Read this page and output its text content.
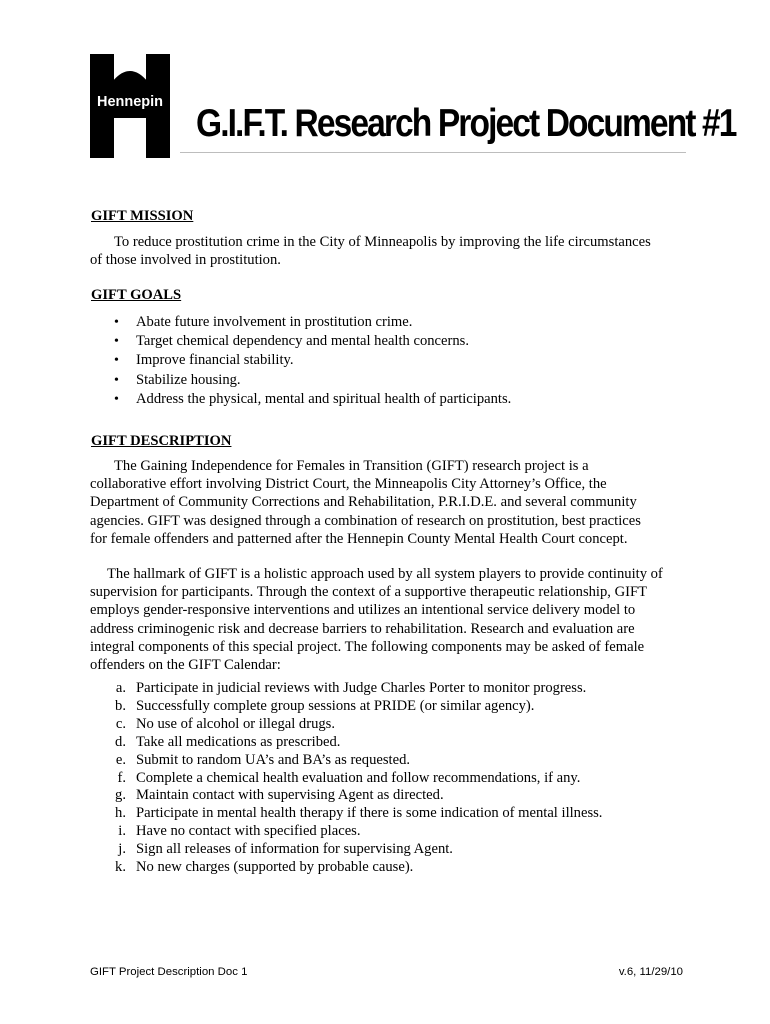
Hennepin G.I.F.T. Research Project Document #1
GIFT MISSION
To reduce prostitution crime in the City of Minneapolis by improving the life circumstances
of those involved in prostitution.
GIFT GOALS
• Abate future involvement in prostitution crime.
• Target chemical dependency and mental health concerns.
• Improve financial stability.
• Stabilize housing.
• Address the physical, mental and spiritual health of participants.
GIFT DESCRIPTION
The Gaining Independence for Females in Transition (GIFT) research project is a
collaborative effort involving District Court, the Minneapolis City Attorney’s Office, the
Department of Community Corrections and Rehabilitation, P.R.I.D.E. and several community
agencies. GIFT was designed through a combination of research on prostitution, best practices
for female offenders and patterned after the Hennepin County Mental Health Court concept.
The hallmark of GIFT is a holistic approach used by all system players to provide continuity of
supervision for participants. Through the context of a supportive therapeutic relationship, GIFT
employs gender-responsive interventions and utilizes an intentional service delivery model to
address criminogenic risk and decrease barriers to rehabilitation. Research and evaluation are
integral components of this special project. The following components may be asked of female
offenders on the GIFT Calendar:
a. Participate in judicial reviews with Judge Charles Porter to monitor progress.
b. Successfully complete group sessions at PRIDE (or similar agency).
c. No use of alcohol or illegal drugs.
d. Take all medications as prescribed.
e. Submit to random UA’s and BA’s as requested.
f. Complete a chemical health evaluation and follow recommendations, if any.
g. Maintain contact with supervising Agent as directed.
h. Participate in mental health therapy if there is some indication of mental illness.
i. Have no contact with specified places.
j. Sign all releases of information for supervising Agent.
k. No new charges (supported by probable cause).
GIFT Project Description Doc 1	v.6, 11/29/10
